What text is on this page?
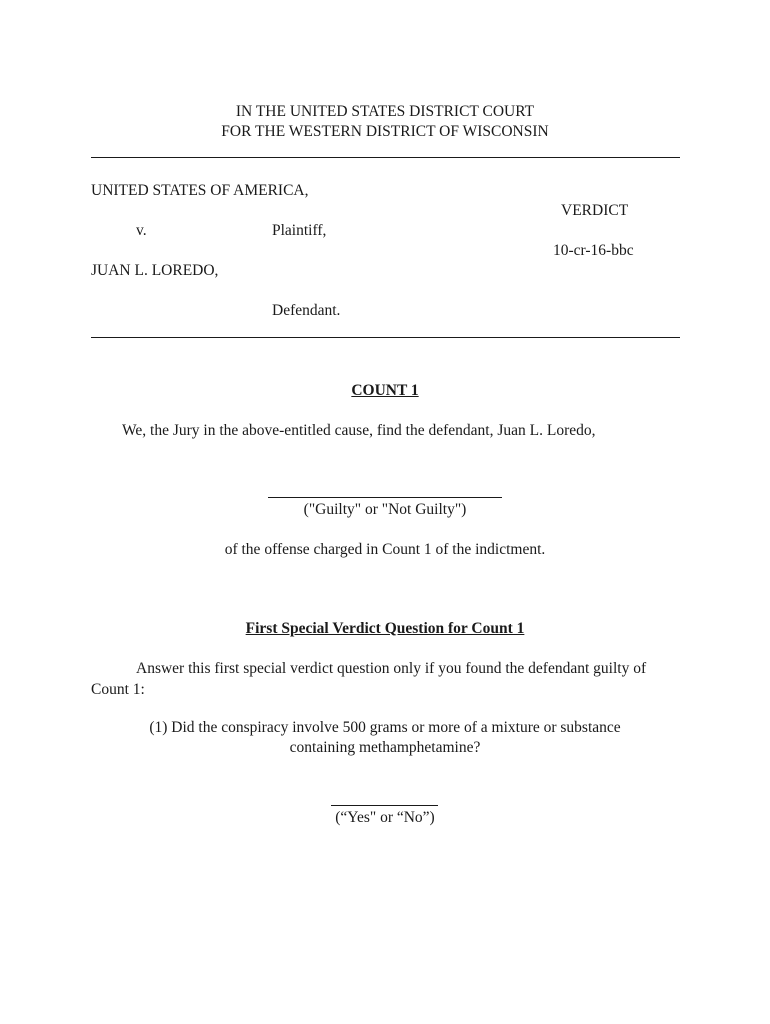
IN THE UNITED STATES DISTRICT COURT
FOR THE WESTERN DISTRICT OF WISCONSIN
UNITED STATES OF AMERICA,
VERDICT
v.	Plaintiff,
10-cr-16-bbc
JUAN L. LOREDO,
Defendant.
COUNT 1
We, the Jury in the above-entitled cause, find the defendant, Juan L. Loredo,
("Guilty" or "Not Guilty")
of the offense charged in Count 1 of the indictment.
First Special Verdict Question for Count 1
Answer this first special verdict question only if you found the defendant guilty of Count 1:
(1) Did the conspiracy involve 500 grams or more of a mixture or substance
containing methamphetamine?
(“Yes" or “No”)
